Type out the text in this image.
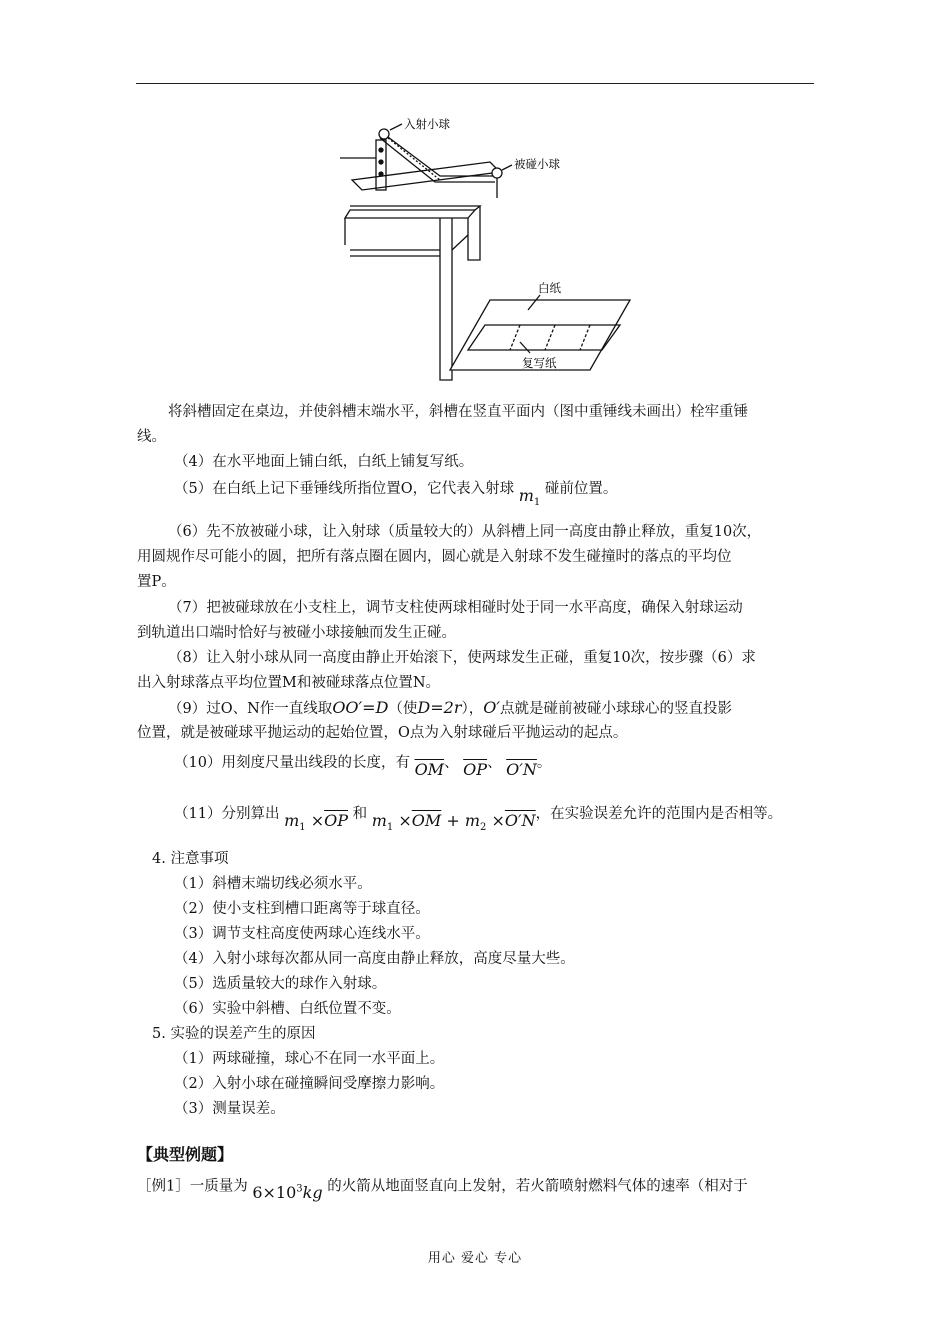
入射小球
被碰小球
白纸
复写纸
将斜槽固定在桌边，并使斜槽末端水平，斜槽在竖直平面内（图中重锤线未画出）栓牢重锤
线。
（4）在水平地面上铺白纸，白纸上铺复写纸。
（5）在白纸上记下垂锤线所指位置O，它代表入射球 $m_1$ 碰前位置。
（6）先不放被碰小球，让入射球（质量较大的）从斜槽上同一高度由静止释放，重复10次，
用圆规作尽可能小的圆，把所有落点圈在圆内，圆心就是入射球不发生碰撞时的落点的平均位
置P。
（7）把被碰球放在小支柱上，调节支柱使两球相碰时处于同一水平高度，确保入射球运动
到轨道出口端时恰好与被碰小球接触而发生正碰。
（8）让入射小球从同一高度由静止开始滚下，使两球发生正碰，重复10次，按步骤（6）求
出入射球落点平均位置M和被碰球落点位置N。
（9）过O、N作一直线取OO′=D（使D=2r），O′点就是碰前被碰小球球心的竖直投影
位置，就是被碰球平抛运动的起始位置，O点为入射球碰后平抛运动的起点。
（10）用刻度尺量出线段的长度，有 $\overline{OM}$、 $\overline{OP}$、 O′N。
（11）分别算出 $m_1 \times\overline{OP}$ 和 $m_1 \times\overline{OM} + m_2 \times O'N$，在实验误差允许的范围内是否相等。
4. 注意事项
（1）斜槽末端切线必须水平。
（2）使小支柱到槽口距离等于球直径。
（3）调节支柱高度使两球心连线水平。
（4）入射小球每次都从同一高度由静止释放，高度尽量大些。
（5）选质量较大的球作入射球。
（6）实验中斜槽、白纸位置不变。
5. 实验的误差产生的原因
（1）两球碰撞，球心不在同一水平面上。
（2）入射小球在碰撞瞬间受摩擦力影响。
（3）测量误差。
【典型例题】
［例1］一质量为 $6\times 10^3kg$ 的火箭从地面竖直向上发射，若火箭喷射燃料气体的速率（相对于
用心 爱心 专心
